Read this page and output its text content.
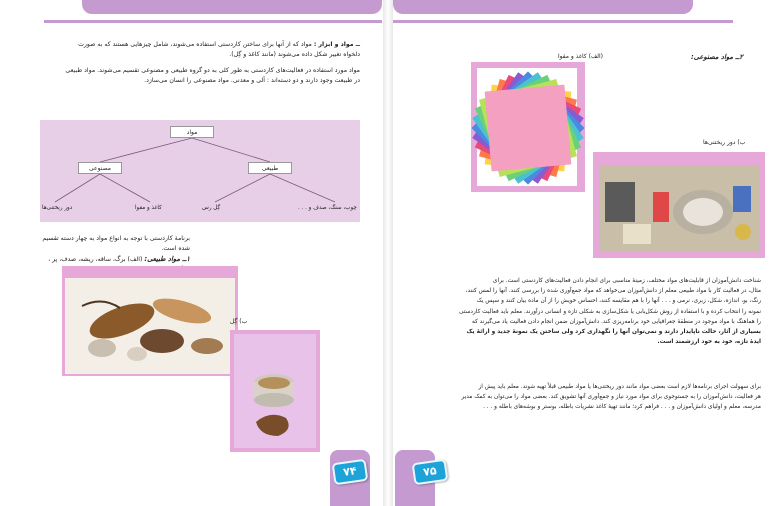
ــ مواد و ابزار : مواد که از آنها برای ساختن کاردستی استفاده می‌شوند، شامل چیزهایی هستند که به صورت
دلخواه تغییر شکل داده می‌شوند (مانند کاغذ و گِل).
مواد مورد استفاده در فعالیت‌های کاردستی به طور کلی به دو گروه طبیعی و مصنوعی تقسیم می‌شوند. مواد طبیعی
در طبیعت وجود دارند و دو دسته‌اند : آلی و معدنی. مواد مصنوعی را انسان می‌سازد.
مواد
مصنوعی	طبیعی
چوب، سنگ، صدف و . . .
گِل رس
کاغذ و مقوا
دور ریختنی‌ها
برنامهٔ کاردستی با توجه به انواع مواد به چهار دسته تقسیم شده است.
۱ــ مواد طبیعی: (الف) برگ، ساقه، ریشه، صدف، پر ،
ب) گِل
۷۴
۲ــ مواد مصنوعی:
(الف) کاغذ و مقوا
ب) دور ریختنی‌ها
شناخت دانش‌آموزان از قابلیت‌های مواد مختلف، زمینهٔ مناسبی برای انجام دادن فعالیت‌های کاردستی است. برای
مثال، در فعالیت کار با مواد طبیعی معلم از دانش‌آموزان می‌خواهد که مواد جمع‌آوری شده را بررسی کنند. آنها را لمس کنند،
رنگ، بو، اندازه، شکل، زبری، نرمی و . . . آنها را با هم مقایسه کنند، احساس خویش را از آن ماده بیان کنند و سپس یک
نمونه را انتخاب کرده و با استفاده از روش شکل‌یابی یا شکل‌سازی به شکلی تازه و انسانی درآورند. معلم باید فعالیت کاردستی
را هماهنگ با مواد موجود در منطقهٔ جغرافیایی خود برنامه‌ریزی کند. دانش‌آموزان ضمن انجام دادن فعالیت یاد می‌گیرند که
بسیاری از آثار، حالت ناپایدار دارند و نمی‌توان آنها را نگهداری کرد ولی ساختن یک نمونهٔ جدید و ارائهٔ یک
ایدهٔ تازه، خود به خود ارزشمند است.
برای سهولت اجرای برنامه‌ها لازم است بعضی مواد مانند دور ریختنی‌ها یا مواد طبیعی قبلاً تهیه شوند. معلم باید پیش از
هر فعالیت، دانش‌آموزان را به جستوجوی برای مواد مورد نیاز و جمع‌آوری آنها تشویق کند. بعضی مواد را می‌توان به کمک مدیر
مدرسه، معلم و اولیای دانش‌آموزان و . . . فراهم کرد؛ مانند تهیهٔ کاغذ نشریات باطله، بوستر و بوشه‌های باطله و . . .
۷۵
